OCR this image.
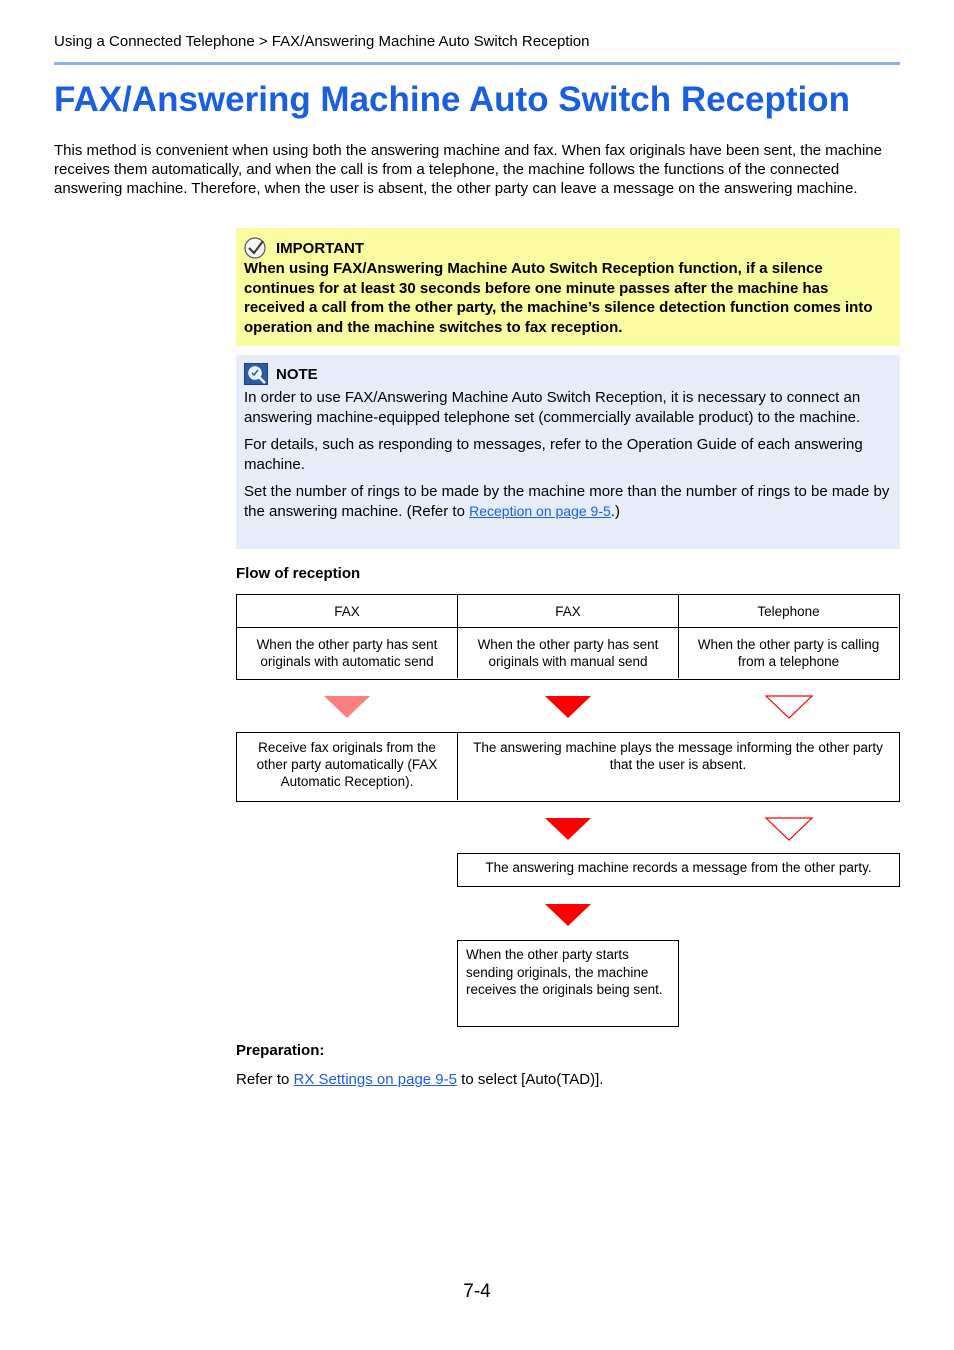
Using a Connected Telephone > FAX/Answering Machine Auto Switch Reception
FAX/Answering Machine Auto Switch Reception

This method is convenient when using both the answering machine and fax. When fax originals have been sent, the machine receives them automatically, and when the call is from a telephone, the machine follows the functions of the connected answering machine. Therefore, when the user is absent, the other party can leave a message on the answering machine.

IMPORTANT
When using FAX/Answering Machine Auto Switch Reception function, if a silence continues for at least 30 seconds before one minute passes after the machine has received a call from the other party, the machine’s silence detection function comes into operation and the machine switches to fax reception.
NOTE

In order to use FAX/Answering Machine Auto Switch Reception, it is necessary to connect an answering machine-equipped telephone set (commercially available product) to the machine.

For details, such as responding to messages, refer to the Operation Guide of each answering machine.

Set the number of rings to be made by the machine more than the number of rings to be made by the answering machine. (Refer to Reception on page 9-5.)

Flow of reception
FAX	FAX	Telephone
When the other party has sent originals with automatic send
When the other party has sent originals with manual send
When the other party is calling from a telephone
Receive fax originals from the other party automatically (FAX Automatic Reception).
The answering machine plays the message informing the other party that the user is absent.
The answering machine records a message from the other party.
When the other party starts sending originals, the machine receives the originals being sent.
Preparation:
Refer to RX Settings on page 9-5 to select [Auto(TAD)].
7-4
